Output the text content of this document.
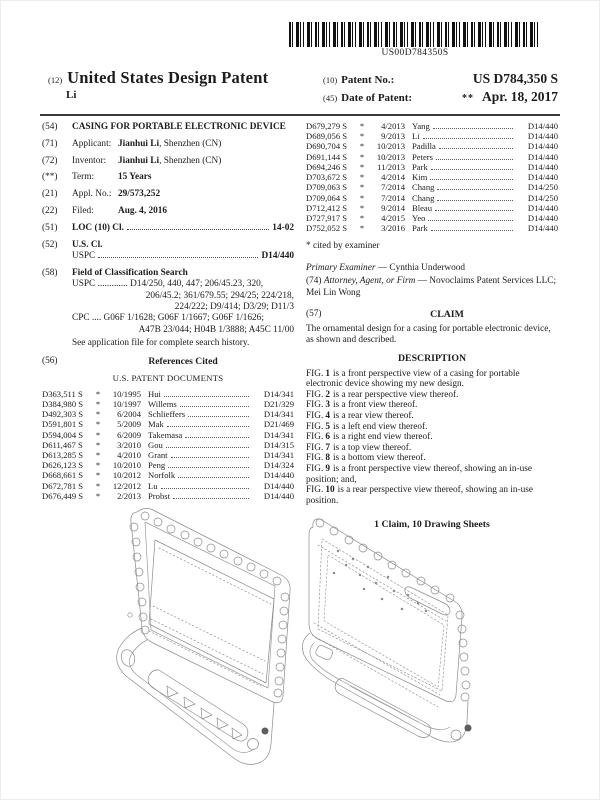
US00D784350S
(12) United States Design Patent
Li
(10) Patent No.:	US D784,350 S
(45) Date of Patent:	** Apr. 18, 2017
(54)	CASING FOR PORTABLE ELECTRONIC DEVICE
(71)	Applicant: Jianhui Li, Shenzhen (CN)
(72)	Inventor: Jianhui Li, Shenzhen (CN)
(**)	Term:	15 Years
(21)	Appl. No.: 29/573,252
(22)	Filed:	Aug. 4, 2016
(51)	LOC (10) Cl.	14-02
(52)	U.S. Cl.
USPC	D14/440
(58)	Field of Classification Search
USPC ............. D14/250, 440, 447; 206/45.23, 320,
206/45.2; 361/679.55; 294/25; 224/218,
224/222; D9/414; D3/29; D11/3
CPC .... G06F 1/1628; G06F 1/1667; G06F 1/1626;
A47B 23/044; H04B 1/3888; A45C 11/00
See application file for complete search history.
(56)	References Cited
U.S. PATENT DOCUMENTS
D363,511 S	*	10/1995 Hui	D14/341
D384,980 S	*	10/1997 Willems	D21/329
D492,303 S	*	6/2004 Schlieffers	D14/341
D591,801 S	*	5/2009 Mak	D21/469
D594,004 S	*	6/2009 Takemasa	D14/341
D611,467 S	*	3/2010 Gou	D14/315
D613,285 S	*	4/2010 Grant	D14/341
D626,123 S	*	10/2010 Peng	D14/324
D668,661 S	*	10/2012 Norfolk	D14/440
D672,781 S	*	12/2012 Lu	D14/440
D676,449 S	*	2/2013 Probst	D14/440
D679,279 S	*	4/2013 Yang	D14/440
D689,056 S	*	9/2013 Li	D14/440
D690,704 S	*	10/2013 Padilla	D14/440
D691,144 S	*	10/2013 Peters	D14/440
D694,246 S	*	11/2013 Park	D14/440
D703,672 S	*	4/2014 Kim	D14/440
D709,063 S	*	7/2014 Chang	D14/250
D709,064 S	*	7/2014 Chang	D14/250
D712,412 S	*	9/2014 Bleau	D14/440
D727,917 S	*	4/2015 Yeo	D14/440
D752,052 S	*	3/2016 Park	D14/440
* cited by examiner
Primary Examiner — Cynthia Underwood
(74) Attorney, Agent, or Firm — Novoclaims Patent Services LLC; Mei Lin Wong
(57)	CLAIM
The ornamental design for a casing for portable electronic device, as shown and described.
DESCRIPTION
FIG. 1 is a front perspective view of a casing for portable electronic device showing my new design.
FIG. 2 is a rear perspective view thereof.
FIG. 3 is a front view thereof.
FIG. 4 is a rear view thereof.
FIG. 5 is a left end view thereof.
FIG. 6 is a right end view thereof.
FIG. 7 is a top view thereof.
FIG. 8 is a bottom view thereof.
FIG. 9 is a front perspective view thereof, showing an in-use position; and,
FIG. 10 is a rear perspective view thereof, showing an in-use position.
1 Claim, 10 Drawing Sheets
